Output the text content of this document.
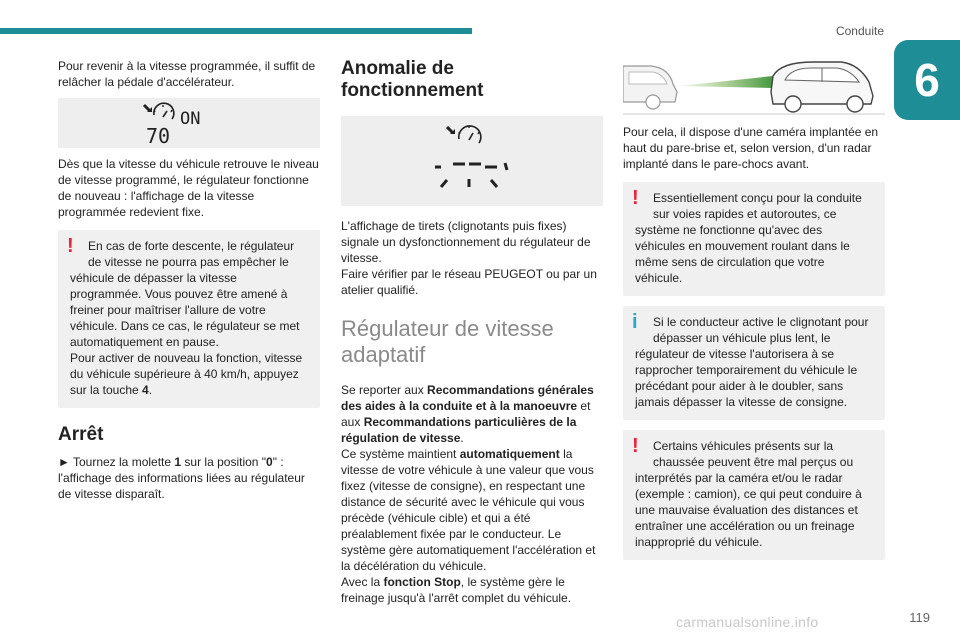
Conduite
6

Pour revenir à la vitesse programmée, il suffit de relâcher la pédale d'accélérateur.

ON
70

Dès que la vitesse du véhicule retrouve le niveau de vitesse programmé, le régulateur fonctionne de nouveau : l'affichage de la vitesse programmée redevient fixe.

!	En cas de forte descente, le régulateur de vitesse ne pourra pas empêcher le
véhicule de dépasser la vitesse programmée. Vous pouvez être amené à freiner pour maîtriser l'allure de votre véhicule. Dans ce cas, le régulateur se met automatiquement en pause.
Pour activer de nouveau la fonction, vitesse du véhicule supérieure à 40 km/h, appuyez sur la touche 4.
Arrêt

► Tournez la molette 1 sur la position "0" : l'affichage des informations liées au régulateur de vitesse disparaît.

Anomalie de fonctionnement

L'affichage de tirets (clignotants puis fixes) signale un dysfonctionnement du régulateur de vitesse.

Faire vérifier par le réseau PEUGEOT ou par un atelier qualifié.

Régulateur de vitesse adaptatif

Se reporter aux Recommandations générales des aides à la conduite et à la manoeuvre et aux Recommandations particulières de la régulation de vitesse.

Ce système maintient automatiquement la vitesse de votre véhicule à une valeur que vous fixez (vitesse de consigne), en respectant une distance de sécurité avec le véhicule qui vous précède (véhicule cible) et qui a été préalablement fixée par le conducteur. Le système gère automatiquement l'accélération et la décélération du véhicule.

Avec la fonction Stop, le système gère le freinage jusqu'à l'arrêt complet du véhicule.

Pour cela, il dispose d'une caméra implantée en haut du pare-brise et, selon version, d'un radar implanté dans le pare-chocs avant.

!	Essentiellement conçu pour la conduite sur voies rapides et autoroutes, ce
système ne fonctionne qu'avec des véhicules en mouvement roulant dans le même sens de circulation que votre véhicule.
i	Si le conducteur active le clignotant pour dépasser un véhicule plus lent, le
régulateur de vitesse l'autorisera à se rapprocher temporairement du véhicule le précédant pour aider à le doubler, sans jamais dépasser la vitesse de consigne.
!	Certains véhicules présents sur la chaussée peuvent être mal perçus ou
interprétés par la caméra et/ou le radar (exemple : camion), ce qui peut conduire à une mauvaise évaluation des distances et entraîner une accélération ou un freinage inapproprié du véhicule.
carmanualsonline.info	119
